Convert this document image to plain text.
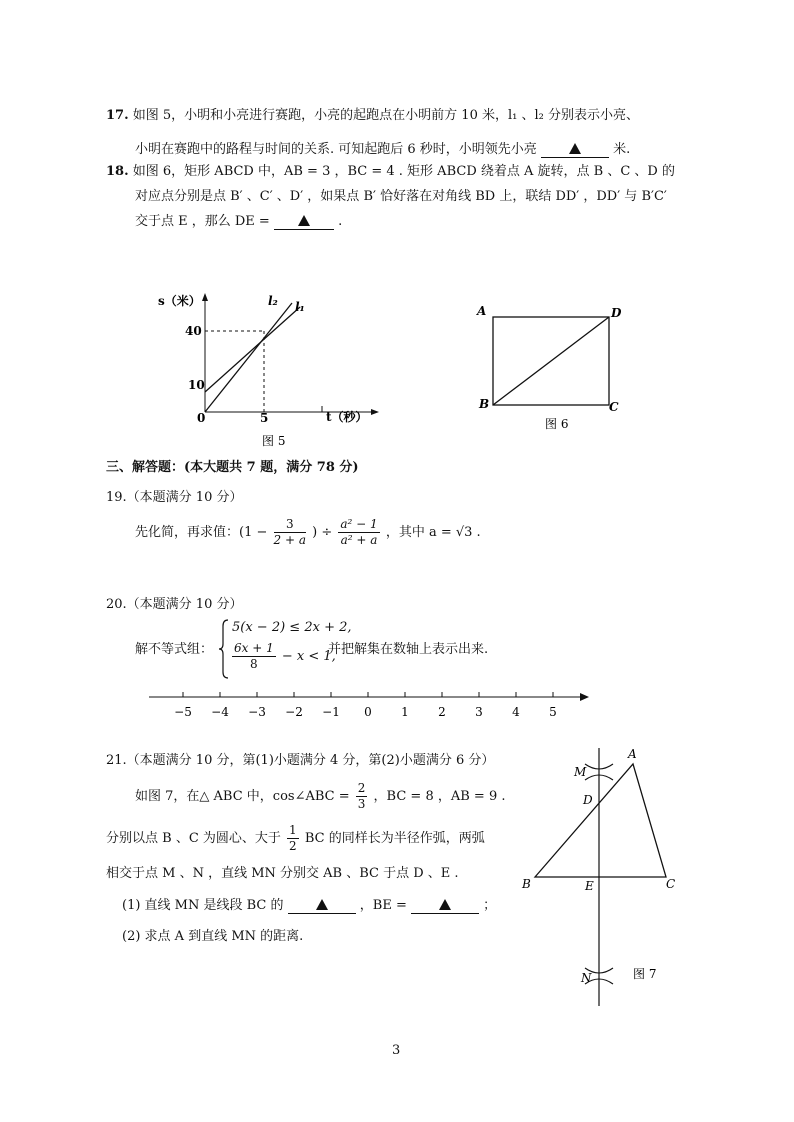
17. 如图 5，小明和小亮进行赛跑，小亮的起跑点在小明前方 10 米，l₁ 、l₂ 分别表示小亮、
小明在赛跑中的路程与时间的关系. 可知起跑后 6 秒时，小明领先小亮	米.
18. 如图 6，矩形 ABCD 中，AB = 3 ，BC = 4 . 矩形 ABCD 绕着点 A 旋转，点 B 、C 、D 的
对应点分别是点 B′ 、C′ 、D′ ，如果点 B′ 恰好落在对角线 BD 上，联结 DD′ ，DD′ 与 B′C′
交于点 E ，那么 DE =	.
s（米）
t（秒）
40
10
5
0
l₂ l₁
图 5
A	D
B	C
图 6
三、解答题：(本大题共 7 题，满分 78 分)
19.（本题满分 10 分）
先化简，再求值：($1 - \frac{3}{2 + a}$ ) ÷ $\frac{\text{a² − 1}}{\text{a² + a}}$ ，其中 a = √3 .
20.（本题满分 10 分）
解不等式组：
5(x − 2) ≤ 2x + 2,
$\frac{6x + 1}{8} - x < 1$,
并把解集在数轴上表示出来.
−5 −4 −3 −2 −1 0 1 2 3 4 5
21.（本题满分 10 分，第(1)小题满分 4 分，第(2)小题满分 6 分）
如图 7，在△ ABC 中，cos∠ABC = $\frac{2}{3}$ ，BC = 8 ，AB = 9 .
分别以点 B 、C 为圆心、大于 $\frac{1}{2}$ BC 的同样长为半径作弧，两弧
相交于点 M 、N ，直线 MN 分别交 AB 、BC 于点 D 、E .
(1) 直线 MN 是线段 BC 的	，BE =	；
(2) 求点 A 到直线 MN 的距离.
A
B	C
D
E
M
N	图 7
3
